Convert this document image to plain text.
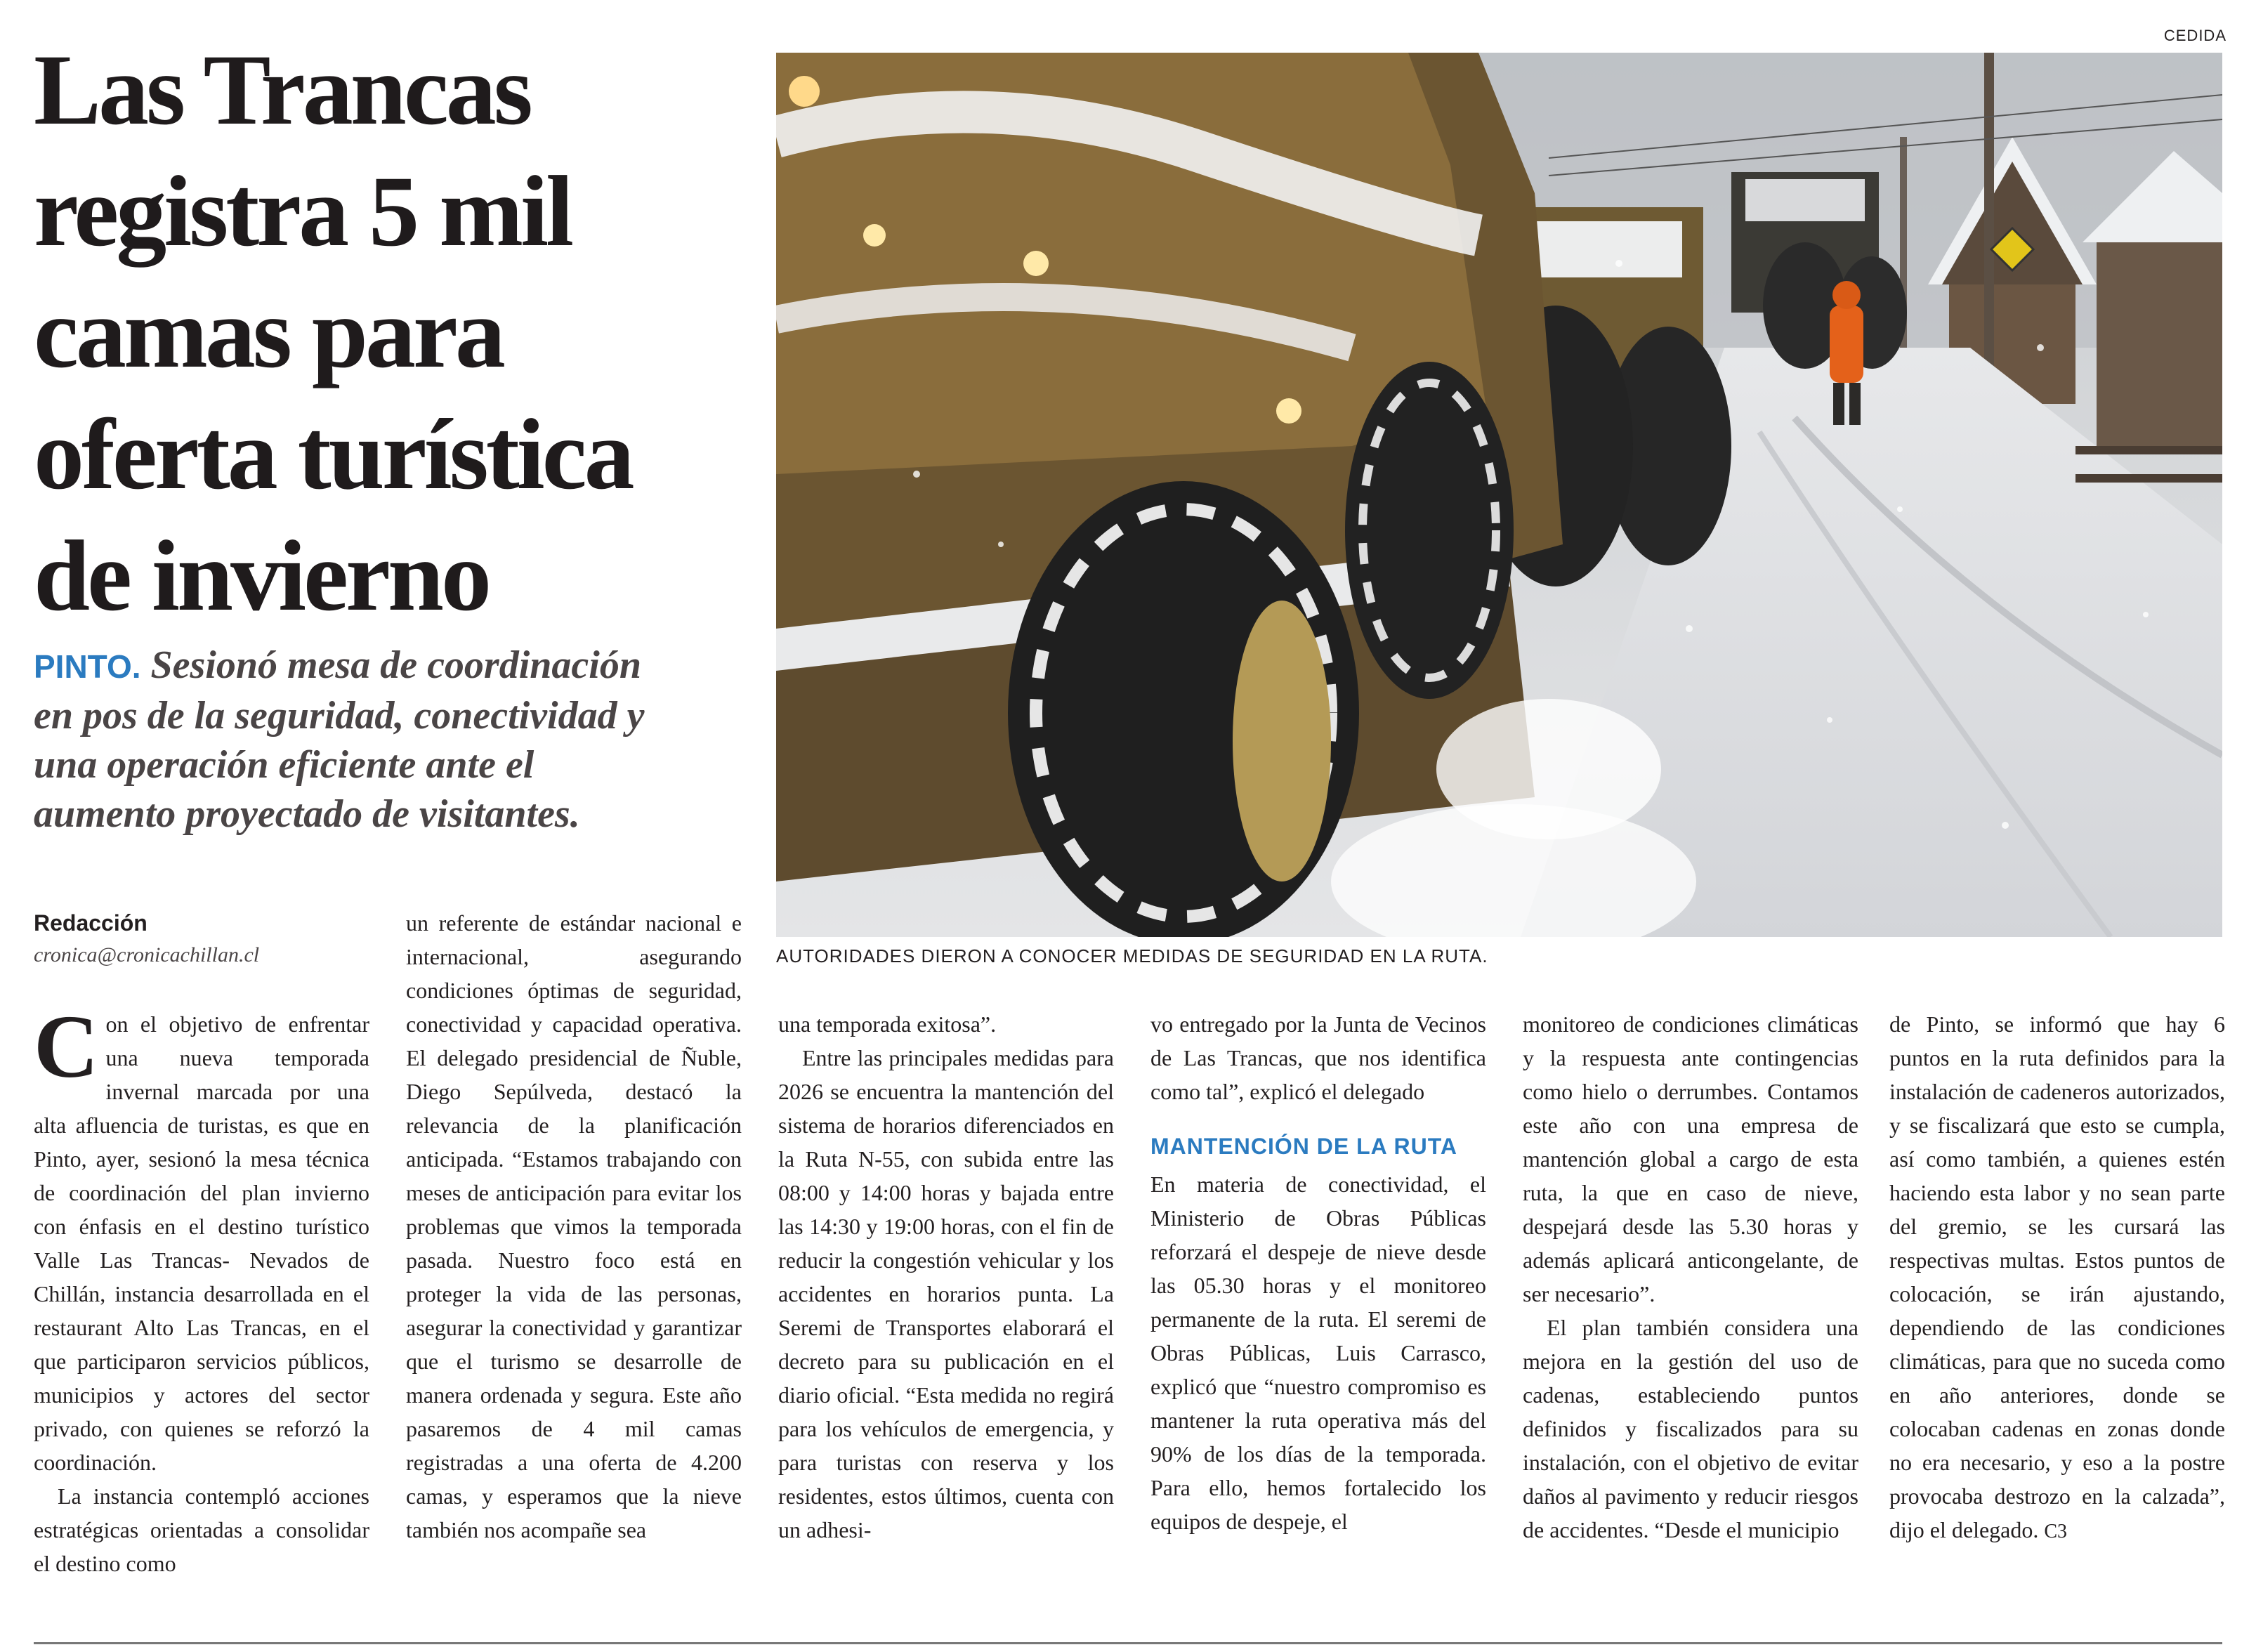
CEDIDA
Las Trancas
registra 5 mil
camas para
oferta turística
de invierno
PINTO. Sesionó mesa de coordinación
en pos de la seguridad, conectividad y
una operación eficiente ante el
aumento proyectado de visitantes.
AUTORIDADES DIERON A CONOCER MEDIDAS DE SEGURIDAD EN LA RUTA.
Redacción
cronica@cronicachillan.cl

Con el objetivo de enfrentar una nueva temporada invernal marcada por una alta afluencia de turistas, es que en Pinto, ayer, sesionó la mesa técnica de coordinación del plan invierno con énfasis en el destino turístico Valle Las Trancas- Nevados de Chillán, instancia desarrollada en el restaurant Alto Las Trancas, en el que participaron servicios públicos, municipios y actores del sector privado, con quienes se reforzó la coordinación.

La instancia contempló acciones estratégicas orientadas a consolidar el destino como

un referente de estándar nacional e internacional, asegurando condiciones óptimas de seguridad, conectividad y capacidad operativa. El delegado presidencial de Ñuble, Diego Sepúlveda, destacó la relevancia de la planificación anticipada. “Estamos trabajando con meses de anticipación para evitar los problemas que vimos la temporada pasada. Nuestro foco está en proteger la vida de las personas, asegurar la conectividad y garantizar que el turismo se desarrolle de manera ordenada y segura. Este año pasaremos de 4 mil camas registradas a una oferta de 4.200 camas, y esperamos que la nieve también nos acompañe sea

una temporada exitosa”.

Entre las principales medidas para 2026 se encuentra la mantención del sistema de horarios diferenciados en la Ruta N-55, con subida entre las 08:00 y 14:00 horas y bajada entre las 14:30 y 19:00 horas, con el fin de reducir la congestión vehicular y los accidentes en horarios punta. La Seremi de Transportes elaborará el decreto para su publicación en el diario oficial. “Esta medida no regirá para los vehículos de emergencia, y para turistas con reserva y los residentes, estos últimos, cuenta con un adhesi-

vo entregado por la Junta de Vecinos de Las Trancas, que nos identifica como tal”, explicó el delegado

MANTENCIÓN DE LA RUTA

En materia de conectividad, el Ministerio de Obras Públicas reforzará el despeje de nieve desde las 05.30 horas y el monitoreo permanente de la ruta. El seremi de Obras Públicas, Luis Carrasco, explicó que “nuestro compromiso es mantener la ruta operativa más del 90% de los días de la temporada. Para ello, hemos fortalecido los equipos de despeje, el

monitoreo de condiciones climáticas y la respuesta ante contingencias como hielo o derrumbes. Contamos este año con una empresa de mantención global a cargo de esta ruta, la que en caso de nieve, despejará desde las 5.30 horas y además aplicará anticongelante, de ser necesario”.

El plan también considera una mejora en la gestión del uso de cadenas, estableciendo puntos definidos y fiscalizados para su instalación, con el objetivo de evitar daños al pavimento y reducir riesgos de accidentes. “Desde el municipio

de Pinto, se informó que hay 6 puntos en la ruta definidos para la instalación de cadeneros autorizados, y se fiscalizará que esto se cumpla, así como también, a quienes estén haciendo esta labor y no sean parte del gremio, se les cursará las respectivas multas. Estos puntos de colocación, se irán ajustando, dependiendo de las condiciones climáticas, para que no suceda como en año anteriores, donde se colocaban cadenas en zonas donde no era necesario, y eso a la postre provocaba destrozo en la calzada”, dijo el delegado. C3
